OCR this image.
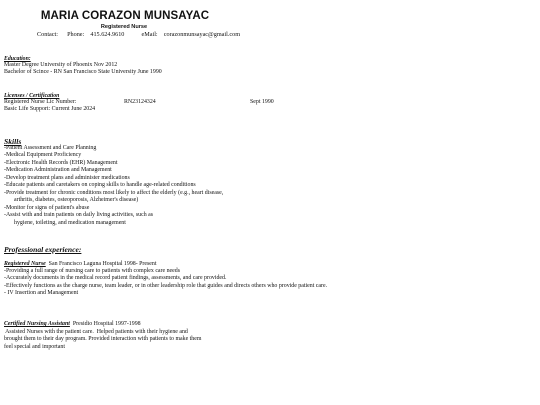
MARIA CORAZON MUNSAYAC
Registered Nurse
Contact: Phone: 415.624.9610	eMail: corazonmunsayac@gmail.com
Education:
Master Degree University of Phoenix Nov 2012
Bachelor of Scince - RN San Francisco State University June 1990
Licenses / Certification
Registered Nurse Lic Number:	RN23124324	Sept 1990
Basic Life Support: Current June 2024
Skills
-Patient Assessment and Care Planning
-Medical Equipment Proficiency
-Electronic Health Records (EHR) Management
-Medication Administration and Management
-Develop treatment plans and administer medications
-Educate patients and caretakers on coping skills to handle age-related conditions
-Provide treatment for chronic conditions most likely to affect the elderly (e.g., heart disease,
arthritis, diabetes, osteoporosis, Alzheimer's disease)
-Monitor for signs of patient's abuse
-Assist with and train patients on daily living activities, such as
hygiene, toileting, and medication management
Professional experience:
Registered Nurse  San Francisco Laguna Hospital 1998- Present
-Providing a full range of nursing care to patients with complex care needs
-Accurately documents in the medical record patient findings, assessments, and care provided.
-Effectively functions as the charge nurse, team leader, or in other leadership role that guides and directs others who provide patient care.
- IV Insertion and Management
Certified Nursing Assistant  Presidio Hospital 1997-1998
Assisted Nurses with the patient care.  Helped patients with their hygiene and
brought them to their day program. Provided interaction with patients to make them
feel special and important
